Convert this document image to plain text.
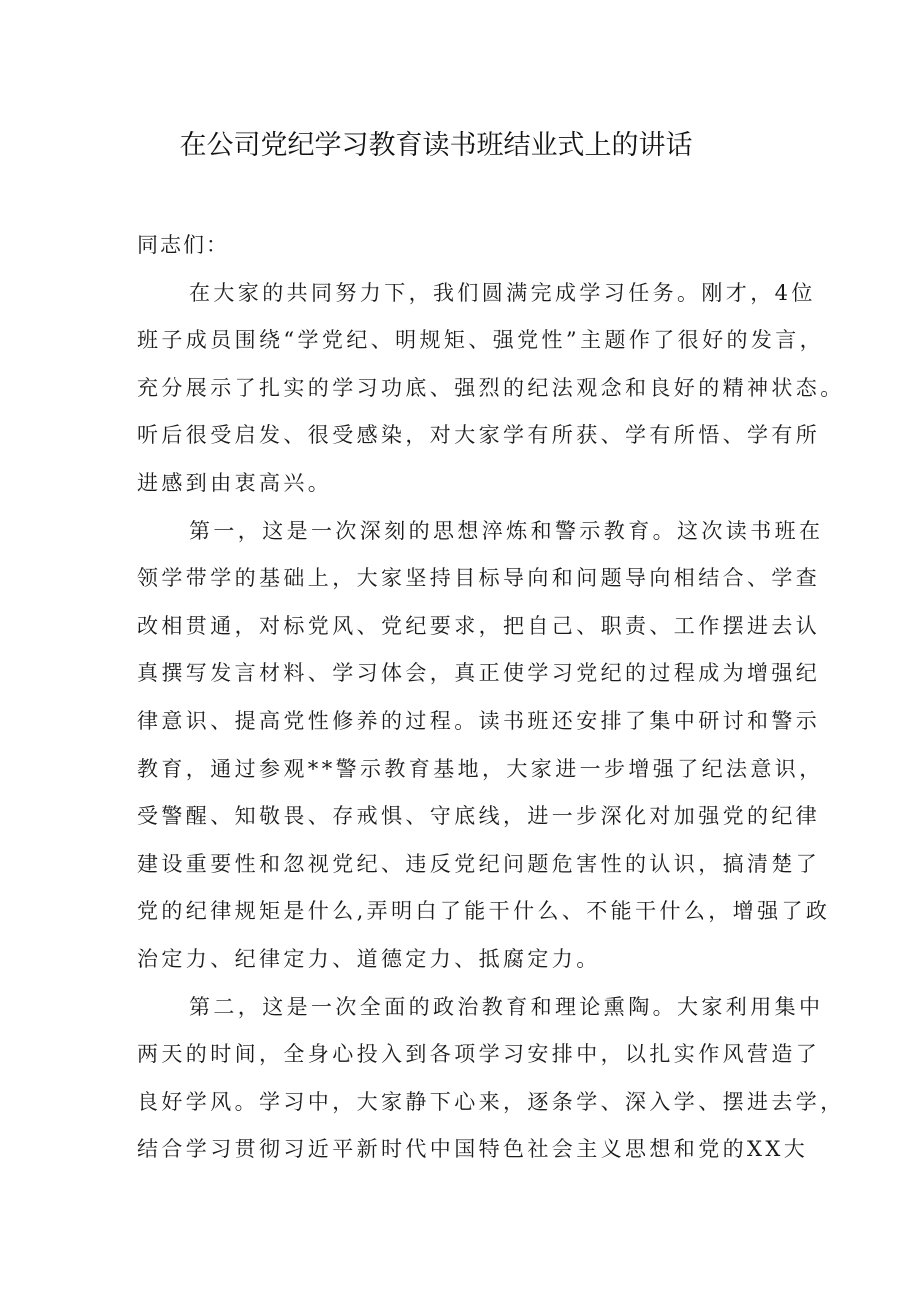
在公司党纪学习教育读书班结业式上的讲话
同志们：
在大家的共同努力下，我们圆满完成学习任务。刚才，4位
班子成员围绕“学党纪、明规矩、强党性”主题作了很好的发言，
充分展示了扎实的学习功底、强烈的纪法观念和良好的精神状态。
听后很受启发、很受感染，对大家学有所获、学有所悟、学有所
进感到由衷高兴。
第一，这是一次深刻的思想淬炼和警示教育。这次读书班在
领学带学的基础上，大家坚持目标导向和问题导向相结合、学查
改相贯通，对标党风、党纪要求，把自己、职责、工作摆进去认
真撰写发言材料、学习体会，真正使学习党纪的过程成为增强纪
律意识、提高党性修养的过程。读书班还安排了集中研讨和警示
教育，通过参观**警示教育基地，大家进一步增强了纪法意识，
受警醒、知敬畏、存戒惧、守底线，进一步深化对加强党的纪律
建设重要性和忽视党纪、违反党纪问题危害性的认识，搞清楚了
党的纪律规矩是什么,弄明白了能干什么、不能干什么，增强了政
治定力、纪律定力、道德定力、抵腐定力。
第二，这是一次全面的政治教育和理论熏陶。大家利用集中
两天的时间，全身心投入到各项学习安排中，以扎实作风营造了
良好学风。学习中，大家静下心来，逐条学、深入学、摆进去学，
结合学习贯彻习近平新时代中国特色社会主义思想和党的XX大
